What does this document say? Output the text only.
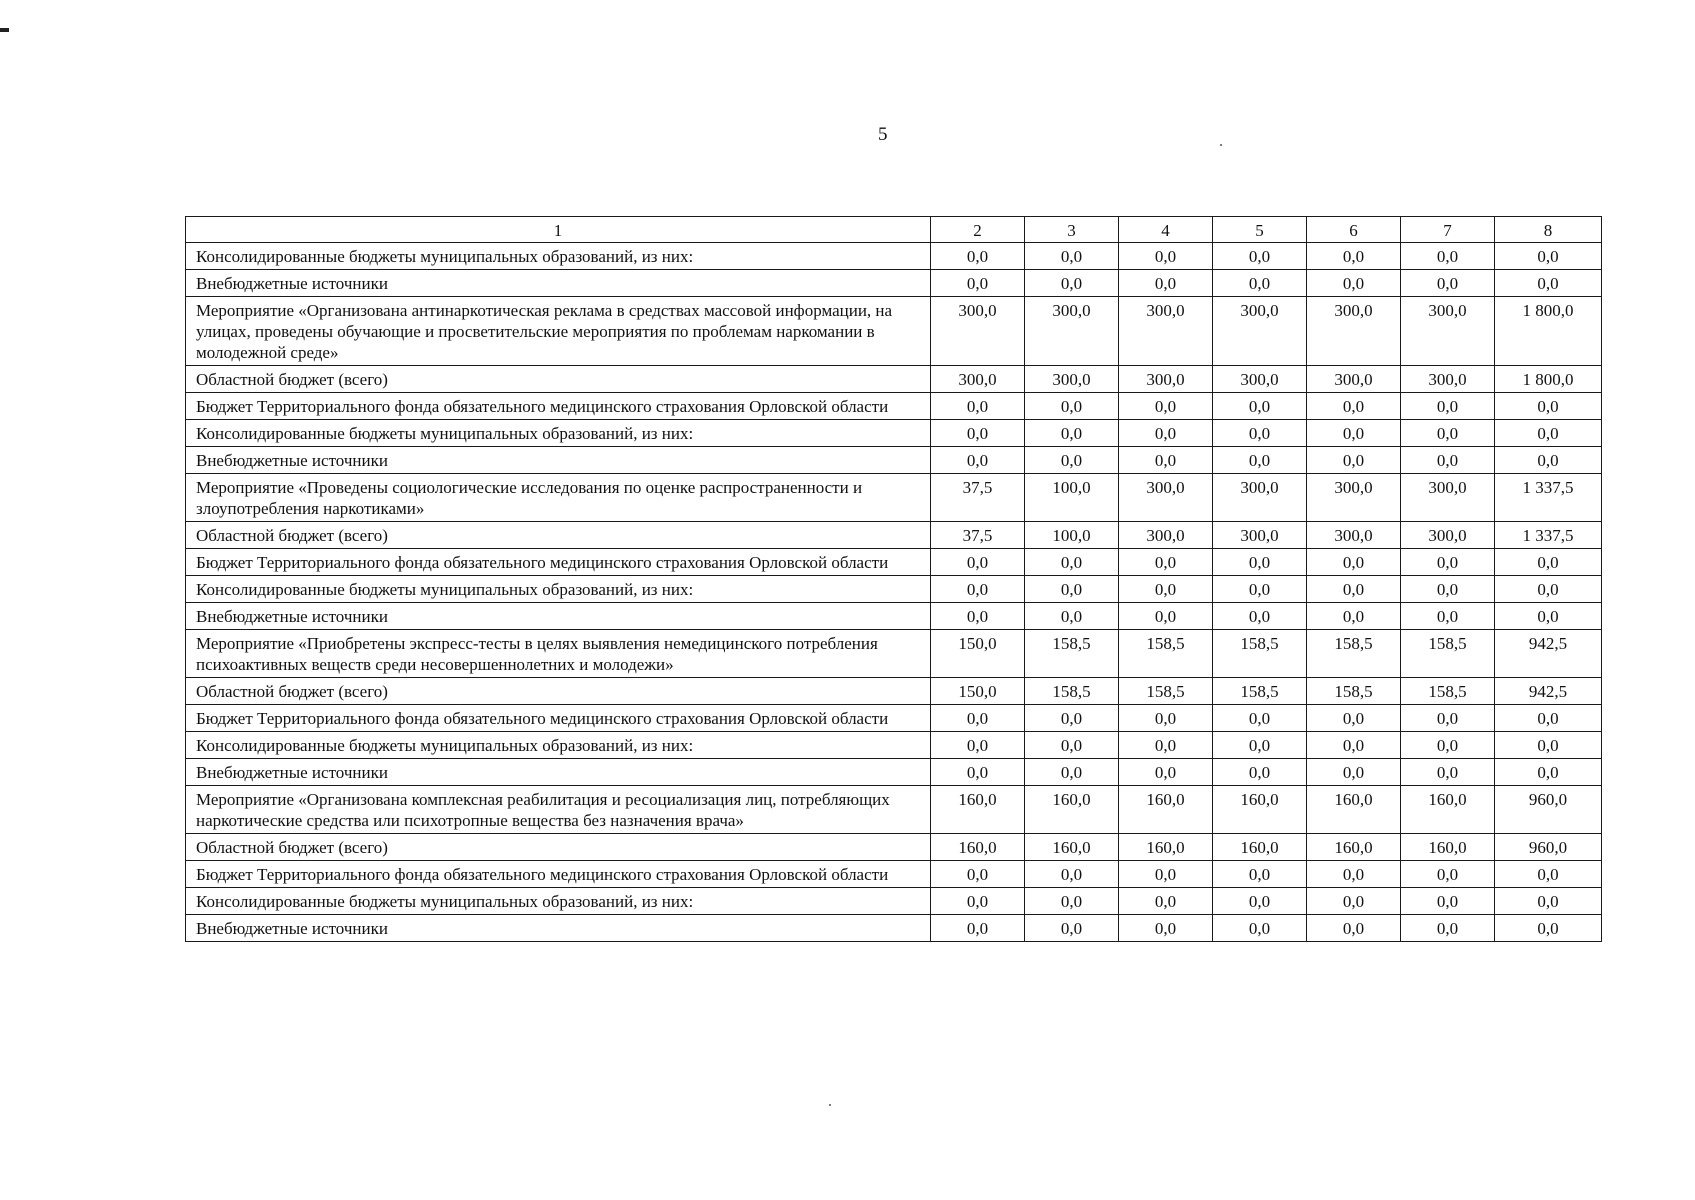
5
1	2	3	4	5	6	7	8
Консолидированные бюджеты муниципальных образований, из них:	0,0	0,0	0,0	0,0	0,0	0,0	0,0
Внебюджетные источники	0,0	0,0	0,0	0,0	0,0	0,0	0,0
Мероприятие «Организована антинаркотическая реклама в средствах массовой информации, на улицах, проведены обучающие и просветительские мероприятия по проблемам наркомании в молодежной среде»	300,0	300,0	300,0	300,0	300,0	300,0	1 800,0
Областной бюджет (всего)	300,0	300,0	300,0	300,0	300,0	300,0	1 800,0
Бюджет Территориального фонда обязательного медицинского страхования Орловской области	0,0	0,0	0,0	0,0	0,0	0,0	0,0
Консолидированные бюджеты муниципальных образований, из них:	0,0	0,0	0,0	0,0	0,0	0,0	0,0
Внебюджетные источники	0,0	0,0	0,0	0,0	0,0	0,0	0,0
Мероприятие «Проведены социологические исследования по оценке распространенности и злоупотребления наркотиками»	37,5	100,0	300,0	300,0	300,0	300,0	1 337,5
Областной бюджет (всего)	37,5	100,0	300,0	300,0	300,0	300,0	1 337,5
Бюджет Территориального фонда обязательного медицинского страхования Орловской области	0,0	0,0	0,0	0,0	0,0	0,0	0,0
Консолидированные бюджеты муниципальных образований, из них:	0,0	0,0	0,0	0,0	0,0	0,0	0,0
Внебюджетные источники	0,0	0,0	0,0	0,0	0,0	0,0	0,0
Мероприятие «Приобретены экспресс-тесты в целях выявления немедицинского потребления психоактивных веществ среди несовершеннолетних и молодежи»	150,0	158,5	158,5	158,5	158,5	158,5	942,5
Областной бюджет (всего)	150,0	158,5	158,5	158,5	158,5	158,5	942,5
Бюджет Территориального фонда обязательного медицинского страхования Орловской области	0,0	0,0	0,0	0,0	0,0	0,0	0,0
Консолидированные бюджеты муниципальных образований, из них:	0,0	0,0	0,0	0,0	0,0	0,0	0,0
Внебюджетные источники	0,0	0,0	0,0	0,0	0,0	0,0	0,0
Мероприятие «Организована комплексная реабилитация и ресоциализация лиц, потребляющих наркотические средства или психотропные вещества без назначения врача»	160,0	160,0	160,0	160,0	160,0	160,0	960,0
Областной бюджет (всего)	160,0	160,0	160,0	160,0	160,0	160,0	960,0
Бюджет Территориального фонда обязательного медицинского страхования Орловской области	0,0	0,0	0,0	0,0	0,0	0,0	0,0
Консолидированные бюджеты муниципальных образований, из них:	0,0	0,0	0,0	0,0	0,0	0,0	0,0
Внебюджетные источники	0,0	0,0	0,0	0,0	0,0	0,0	0,0
